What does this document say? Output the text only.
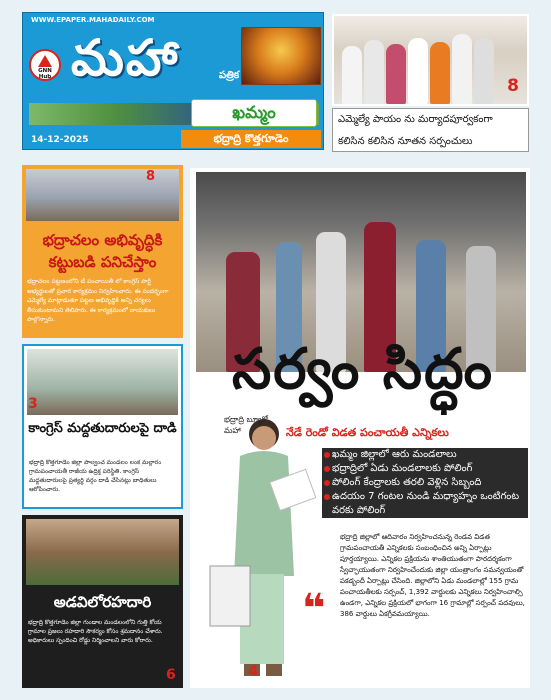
WWW.EPAPER.MAHADAILY.COM
GNN Hub మహా	పత్రిక
ఖమ్మం
14-12-2025	భద్రాద్రి కొత్తగూడెం
8

ఎమ్మెల్యే పాయం ను మర్యాదపూర్వకంగా

కలిసిన కలిసిన నూతన సర్పంచులు

8
భద్రాచలం అభివృద్ధికి కట్టుబడి పనిచేస్తాం
భద్రాచలం పట్టణంలోని టీ పంచాయితీ లో కాంగ్రెస్ పార్టీ అభ్యర్థులతో ప్రచార కార్యక్రమం నిర్వహించారు. ఈ సందర్భంగా ఎమ్మెల్యే మాట్లాడుతూ పట్టణ అభివృద్ధికి అన్ని చర్యలు తీసుకుంటామని తెలిపారు. ఈ కార్యక్రమంలో నాయకులు పాల్గొన్నారు.
3
కాంగ్రెస్ మద్దతుదారులపై దాడి
భద్రాద్రి కొత్తగూడెం జిల్లా పాల్వంచ మండలం లంక మల్లారం గ్రామపంచాయతీ రాజీయ ఉద్రిక్త పరిస్థితి. కాంగ్రెస్ మద్దతుదారులపై ప్రత్యర్థి వర్గం దాడి చేసినట్లు బాధితులు ఆరోపించారు.
అడవిలోరహదారి
భద్రాద్రి కొత్తగూడెం జిల్లా గుండాల మండలంలోని గుత్తి కోయ గ్రామాల ప్రజలు రహదారి సౌకర్యం కోసం శ్రమదానం చేశారు. అధికారులు స్పందించి రోడ్డు నిర్మించాలని వారు కోరారు.
6
సర్వం సిద్ధం
భద్రాద్రి బ్యూరో మహా	నేడే రెండో విడత పంచాయతీ ఎన్నికలు
ఖమ్మం జిల్లాలో ఆరు మండలాలు
భద్రాద్రిలో ఏడు మండలాలకు పోలింగ్
పోలింగ్ కేంద్రాలకు తరలి వెళ్లిన సిబ్బంది
ఉదయం 7 గంటల నుండి మధ్యాహ్నం ఒంటిగంట వరకు పోలింగ్
❝
భద్రాద్రి జిల్లాలో ఆదివారం నిర్వహించనున్న రెండవ విడత గ్రామపంచాయతీ ఎన్నికలకు సంబంధించిన అన్ని ఏర్పాట్లు పూర్తయ్యాయి. ఎన్నికల ప్రక్రియను శాంతియుతంగా పారదర్శకంగా స్వేచ్ఛాయుతంగా నిర్వహించేందుకు జిల్లా యంత్రాంగం సమన్వయంతో పకడ్బందీ ఏర్పాట్లు చేసింది. జిల్లాలోని ఏడు మండలాల్లో 155 గ్రామ పంచాయతీలకు సర్పంచ్, 1,392 వార్డులకు ఎన్నికలు నిర్వహించాల్సి ఉండగా, ఎన్నికల ప్రక్రియలో భాగంగా 16 గ్రామాల్లో సర్పంచ్ పదవులు, 386 వార్డులు ఏకగ్రీవమయ్యాయి.
4
